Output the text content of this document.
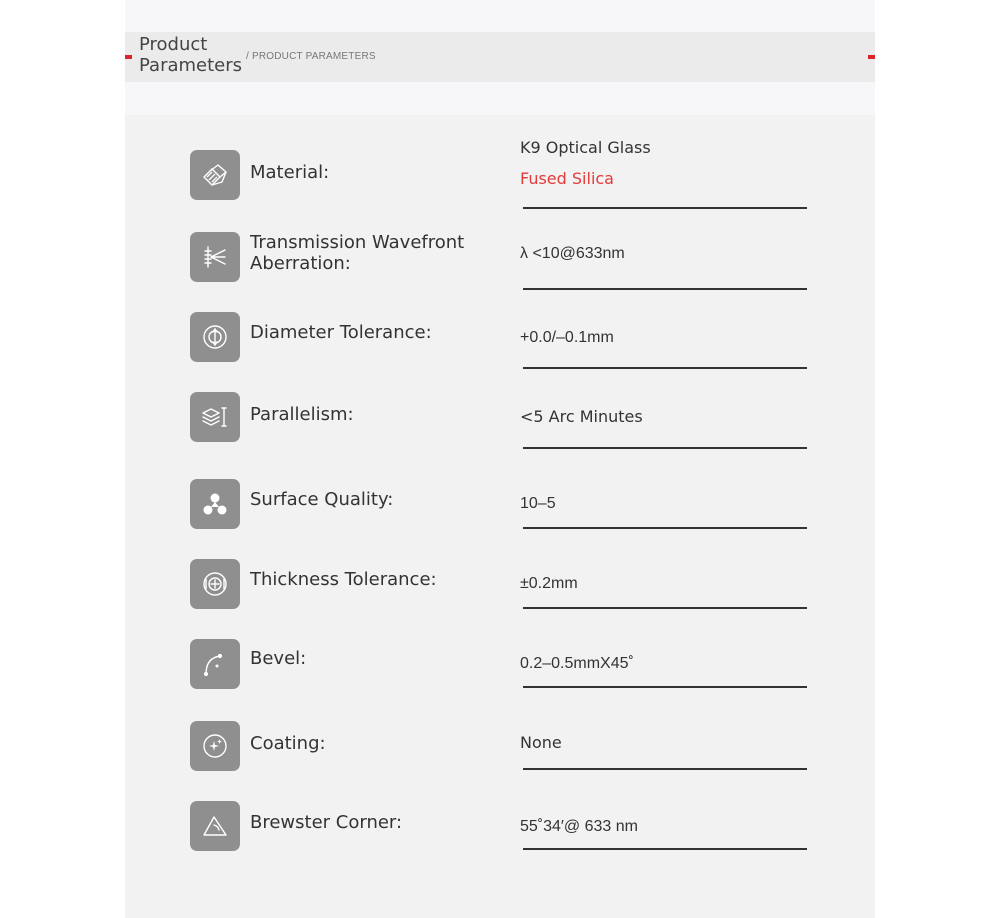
Product Parameters / PRODUCT PARAMETERS
Material:
K9 Optical Glass
Fused Silica
Transmission Wavefront Aberration:	λ <10@633nm
Diameter Tolerance:	+0.0/–0.1mm
Parallelism:	<5 Arc Minutes
Surface Quality:	10–5
Thickness Tolerance:	±0.2mm
Bevel:	0.2–0.5mmX45˚
Coating:	None
Brewster Corner:	55˚34′@ 633 nm
